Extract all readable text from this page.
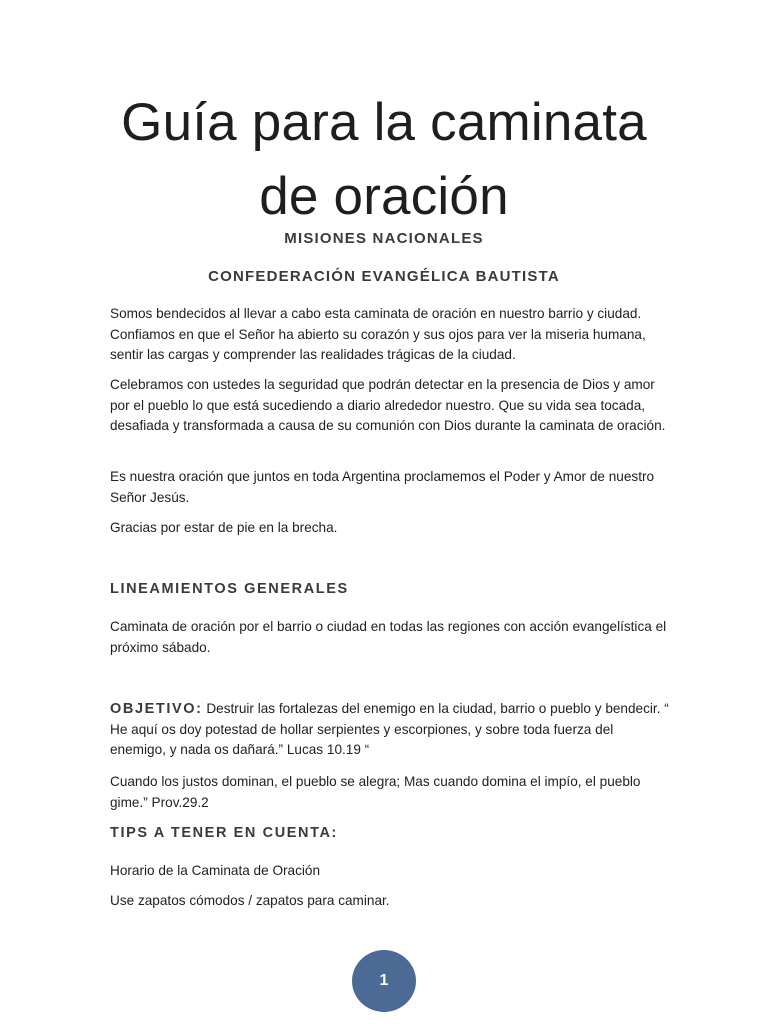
Guía para la caminata
de oración
MISIONES NACIONALES
CONFEDERACIÓN EVANGÉLICA BAUTISTA
Somos bendecidos al llevar a cabo esta caminata de oración en nuestro barrio y ciudad. Confiamos en que el Señor ha abierto su corazón y sus ojos para ver la miseria humana, sentir las cargas y comprender las realidades trágicas de la ciudad.
Celebramos con ustedes la seguridad que podrán detectar en la presencia de Dios y amor por el pueblo lo que está sucediendo a diario alrededor nuestro. Que su vida sea tocada, desafiada y transformada a causa de su comunión con Dios durante la caminata de oración.
Es nuestra oración que juntos en toda Argentina proclamemos el Poder y Amor de nuestro Señor Jesús.
Gracias por estar de pie en la brecha.
LINEAMIENTOS GENERALES
Caminata de oración por el barrio o ciudad en todas las regiones con acción evangelística el próximo sábado.
OBJETIVO: Destruir las fortalezas del enemigo en la ciudad, barrio o pueblo y bendecir. “ He aquí os doy potestad de hollar serpientes y escorpiones, y sobre toda fuerza del enemigo, y nada os dañará.” Lucas 10.19 “
Cuando los justos dominan, el pueblo se alegra; Mas cuando domina el impío, el pueblo gime.” Prov.29.2
TIPS A TENER EN CUENTA:
Horario de la Caminata de Oración
Use zapatos cómodos / zapatos para caminar.
1
